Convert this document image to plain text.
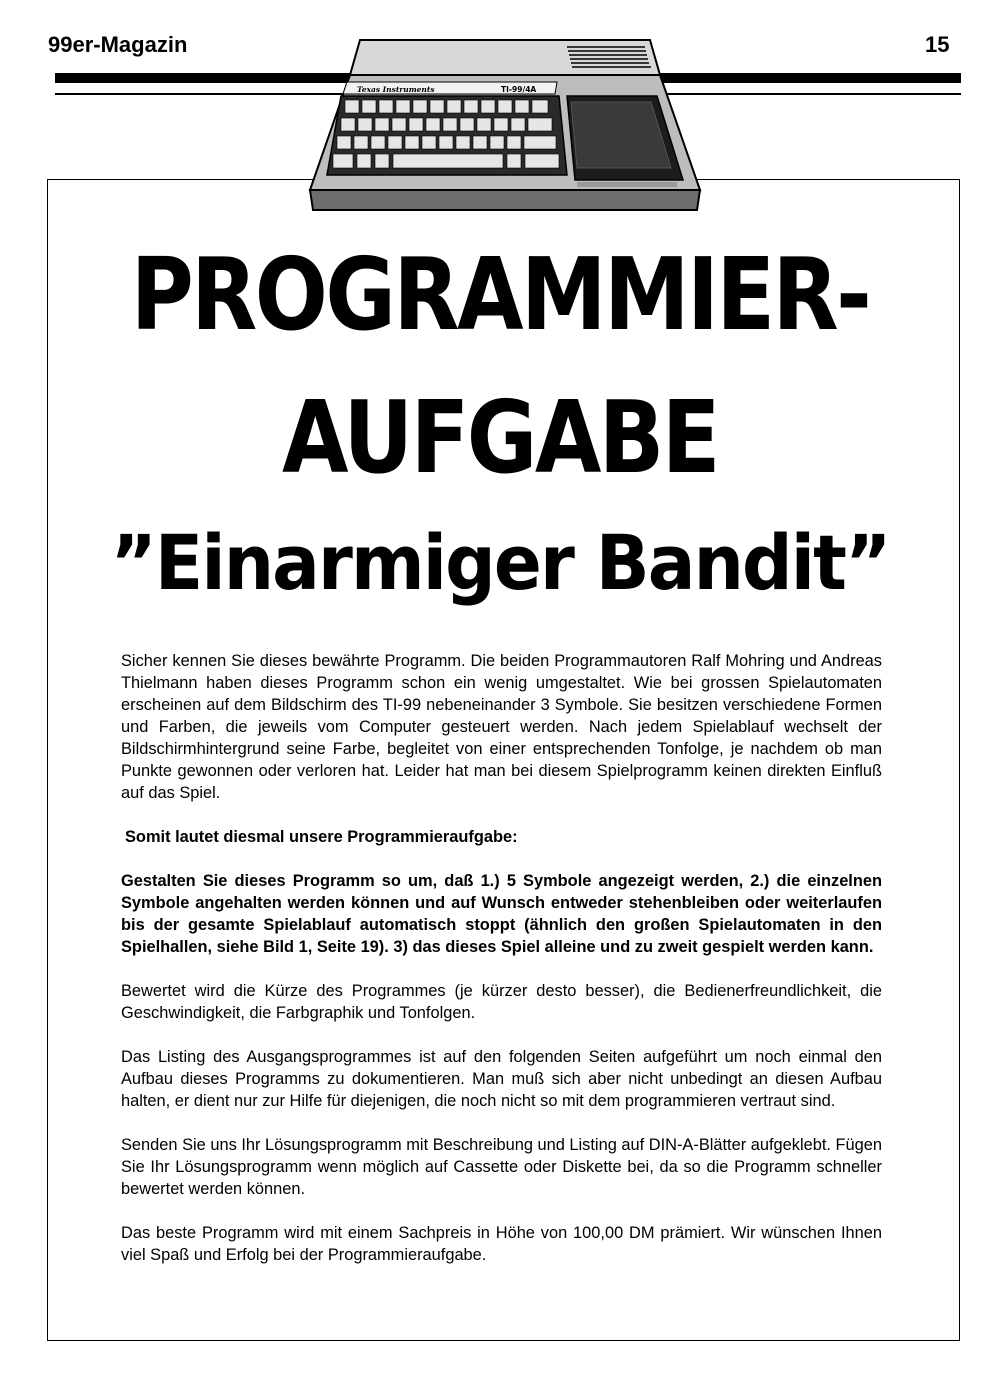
99er-Magazin	15
Texas Instruments	TI-99/4A
PROGRAMMIER-
AUFGABE
”Einarmiger Bandit”

Sicher kennen Sie dieses bewährte Programm. Die beiden Programmautoren Ralf Mohring und Andreas Thielmann haben dieses Programm schon ein wenig umgestaltet. Wie bei grossen Spielautomaten erscheinen auf dem Bildschirm des TI-99 nebeneinander 3 Symbole. Sie besitzen verschiedene Formen und Farben, die jeweils vom Computer gesteuert werden. Nach jedem Spielablauf wechselt der Bildschirmhintergrund seine Farbe, begleitet von einer entsprechenden Tonfolge, je nachdem ob man Punkte gewonnen oder verloren hat. Leider hat man bei diesem Spielprogramm keinen direkten Einfluß auf das Spiel.

Somit lautet diesmal unsere Programmieraufgabe:

Gestalten Sie dieses Programm so um, daß 1.) 5 Symbole angezeigt werden, 2.) die einzelnen Symbole angehalten werden können und auf Wunsch entweder stehenbleiben oder weiterlaufen bis der gesamte Spielablauf automatisch stoppt (ähnlich den großen Spielautomaten in den Spielhallen, siehe Bild 1, Seite 19). 3) das dieses Spiel alleine und zu zweit gespielt werden kann.

Bewertet wird die Kürze des Programmes (je kürzer desto besser), die Bedienerfreundlichkeit, die Geschwindigkeit, die Farbgraphik und Tonfolgen.

Das Listing des Ausgangsprogrammes ist auf den folgenden Seiten aufgeführt um noch einmal den Aufbau dieses Programms zu dokumentieren. Man muß sich aber nicht unbedingt an diesen Aufbau halten, er dient nur zur Hilfe für diejenigen, die noch nicht so mit dem programmieren vertraut sind.

Senden Sie uns Ihr Lösungsprogramm mit Beschreibung und Listing auf DIN-A-Blätter aufgeklebt. Fügen Sie Ihr Lösungsprogramm wenn möglich auf Cassette oder Diskette bei, da so die Programm schneller bewertet werden können.

Das beste Programm wird mit einem Sachpreis in Höhe von 100,00 DM prämiert. Wir wünschen Ihnen viel Spaß und Erfolg bei der Programmieraufgabe.
